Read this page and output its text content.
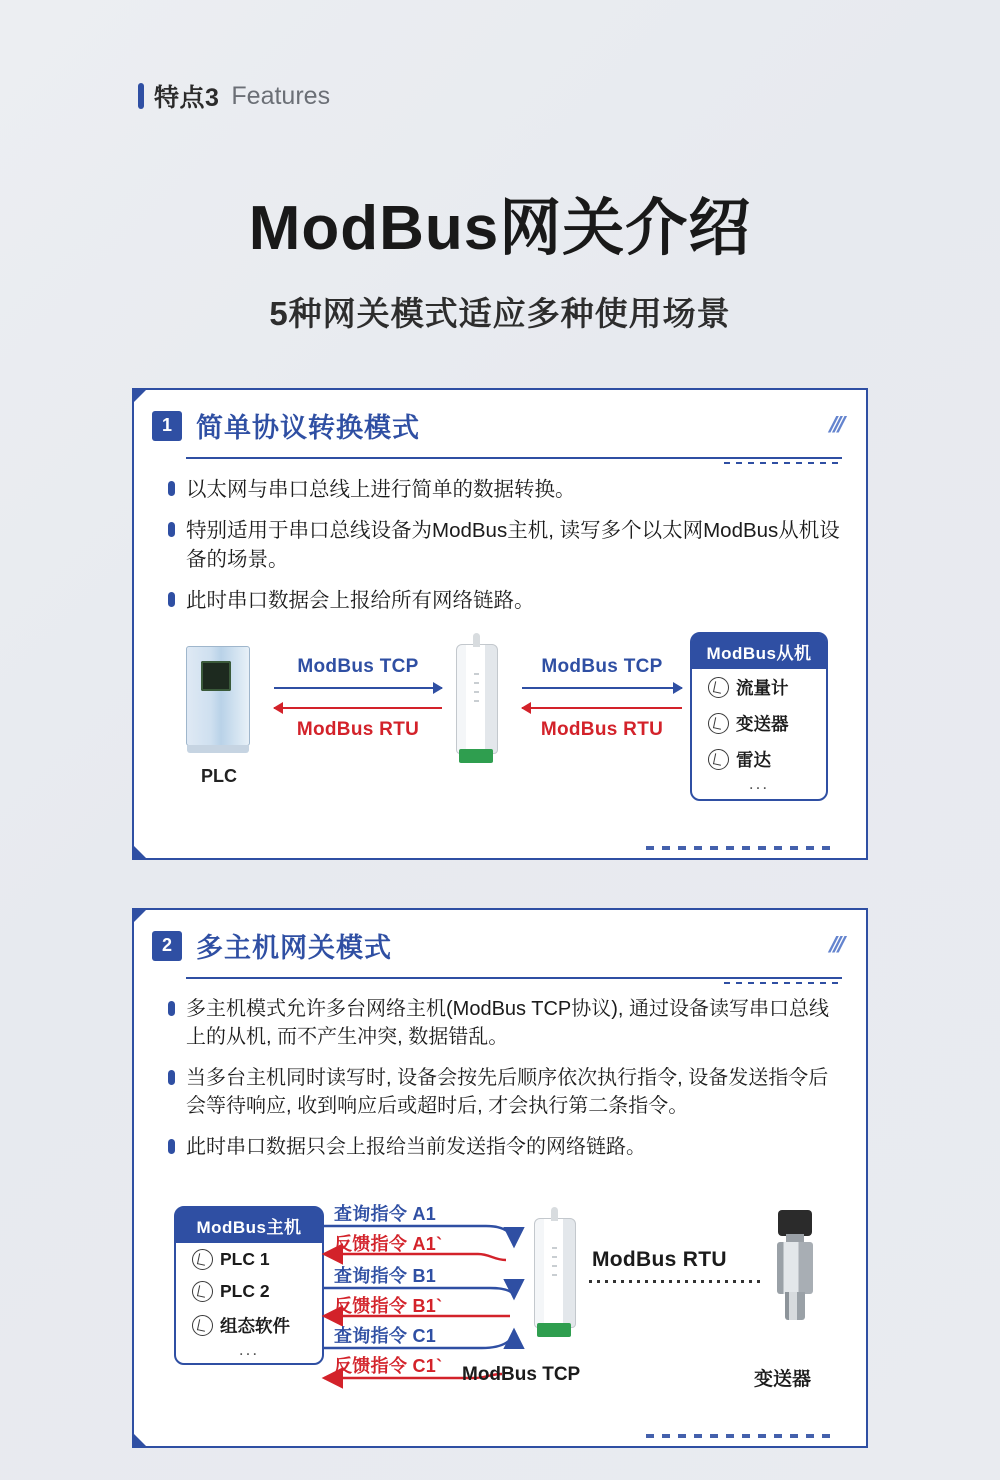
特点3 Features
ModBus网关介绍
5种网关模式适应多种使用场景
1 简单协议转换模式	///
以太网与串口总线上进行简单的数据转换。
特别适用于串口总线设备为ModBus主机, 读写多个以太网ModBus从机设备的场景。
此时串口数据会上报给所有网络链路。
PLC
ModBus TCP
ModBus RTU
ModBus TCP
ModBus RTU
ModBus从机
流量计
变送器
雷达
...
2 多主机网关模式	///
多主机模式允许多台网络主机(ModBus TCP协议), 通过设备读写串口总线上的从机, 而不产生冲突, 数据错乱。
当多台主机同时读写时, 设备会按先后顺序依次执行指令, 设备发送指令后会等待响应, 收到响应后或超时后, 才会执行第二条指令。
此时串口数据只会上报给当前发送指令的网络链路。
ModBus主机
PLC 1
PLC 2
组态软件
...
查询指令 A1
反馈指令 A1`
查询指令 B1
反馈指令 B1`
查询指令 C1
反馈指令 C1`
ModBus RTU
ModBus TCP	变送器
